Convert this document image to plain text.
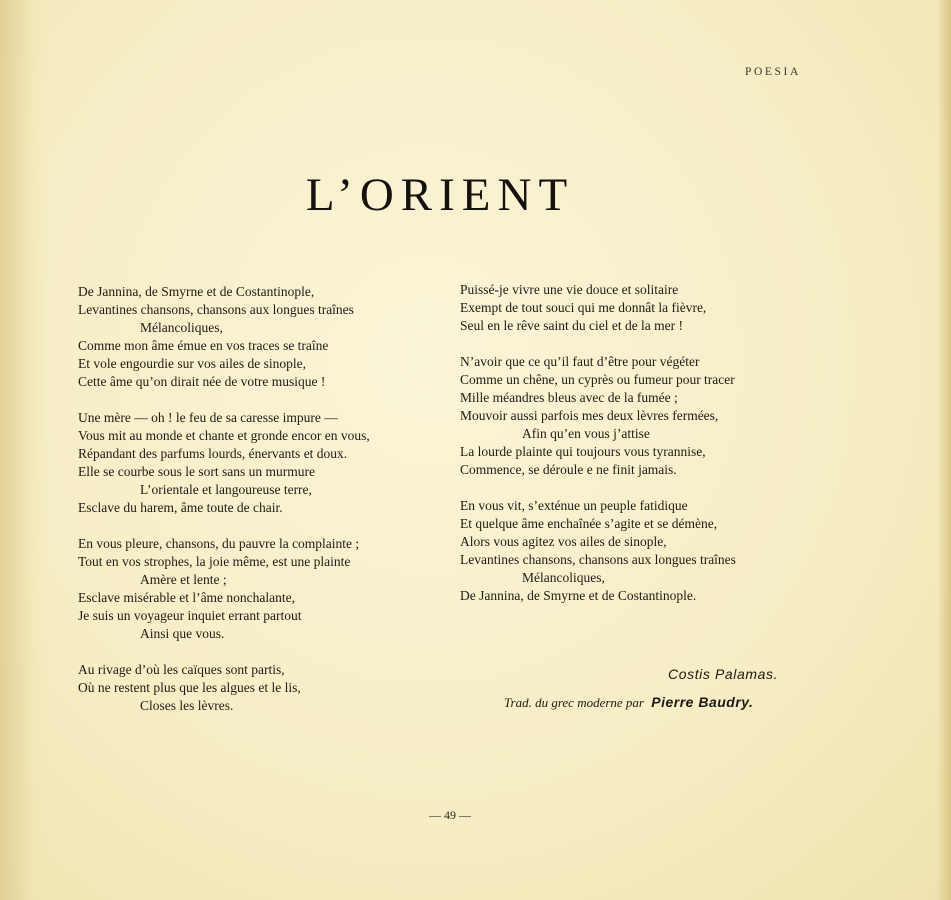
POESIA
L’ORIENT
De Jannina, de Smyrne et de Costantinople,
Levantines chansons, chansons aux longues traînes
Mélancoliques,
Comme mon âme émue en vos traces se traîne
Et vole engourdie sur vos ailes de sinople,
Cette âme qu’on dirait née de votre musique !
Une mère — oh ! le feu de sa caresse impure —
Vous mit au monde et chante et gronde encor en vous,
Répandant des parfums lourds, énervants et doux.
Elle se courbe sous le sort sans un murmure
L’orientale et langoureuse terre,
Esclave du harem, âme toute de chair.
En vous pleure, chansons, du pauvre la complainte ;
Tout en vos strophes, la joie même, est une plainte
Amère et lente ;
Esclave misérable et l’âme nonchalante,
Je suis un voyageur inquiet errant partout
Ainsi que vous.
Au rivage d’où les caïques sont partis,
Où ne restent plus que les algues et le lis,
Closes les lèvres.
Puissé-je vivre une vie douce et solitaire
Exempt de tout souci qui me donnât la fièvre,
Seul en le rêve saint du ciel et de la mer !
N’avoir que ce qu’il faut d’être pour végéter
Comme un chêne, un cyprès ou fumeur pour tracer
Mille méandres bleus avec de la fumée ;
Mouvoir aussi parfois mes deux lèvres fermées,
Afin qu’en vous j’attise
La lourde plainte qui toujours vous tyrannise,
Commence, se déroule e ne finit jamais.
En vous vit, s’exténue un peuple fatidique
Et quelque âme enchaînée s’agite et se démène,
Alors vous agitez vos ailes de sinople,
Levantines chansons, chansons aux longues traînes
Mélancoliques,
De Jannina, de Smyrne et de Costantinople.
Costis Palamas.
Trad. du grec moderne par Pierre Baudry.
— 49 —
